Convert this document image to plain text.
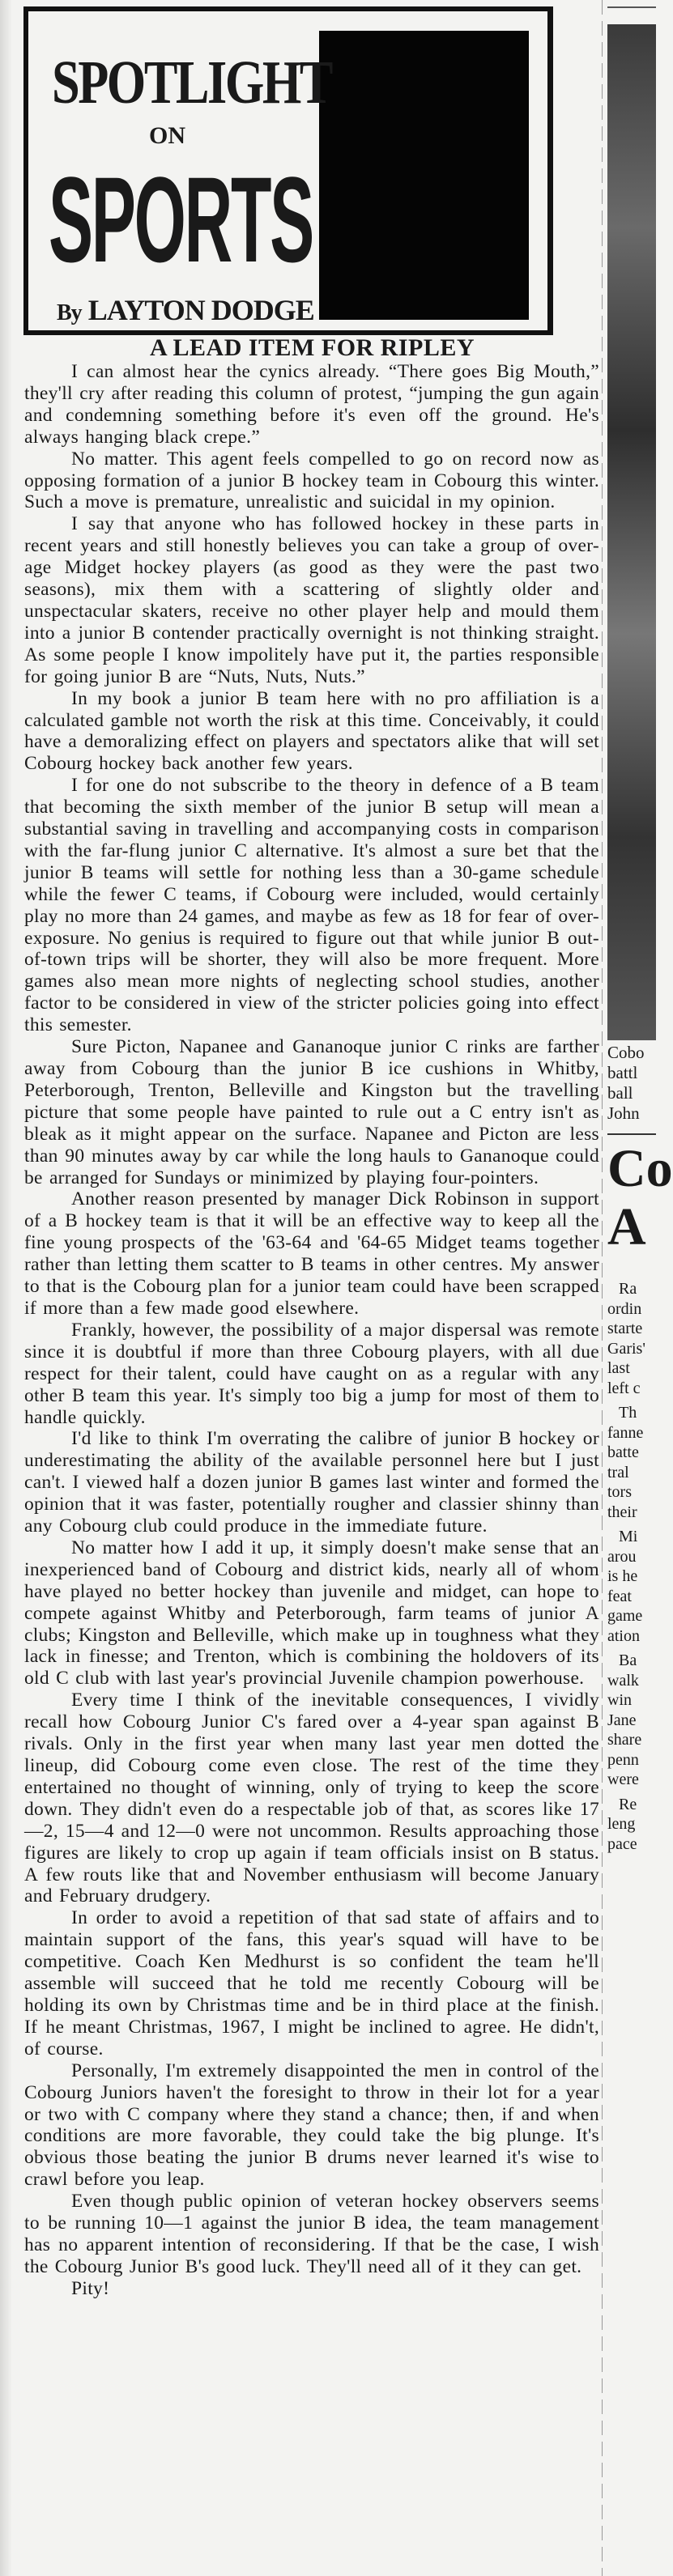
SPOTLIGHT
ON
SPORTS
By LAYTON DODGE
A LEAD ITEM FOR RIPLEY

I can almost hear the cynics already. “There goes Big Mouth,” they'll cry after reading this column of protest, “jumping the gun again and condemning something before it's even off the ground. He's always hanging black crepe.”

No matter. This agent feels compelled to go on record now as opposing formation of a junior B hockey team in Cobourg this winter. Such a move is premature, unrealistic and suicidal in my opinion.

I say that anyone who has followed hockey in these parts in recent years and still honestly believes you can take a group of over-age Midget hockey players (as good as they were the past two seasons), mix them with a scattering of slightly older and unspectacular skaters, receive no other player help and mould them into a junior B contender practically overnight is not thinking straight. As some people I know impolitely have put it, the parties responsible for going junior B are “Nuts, Nuts, Nuts.”

In my book a junior B team here with no pro affiliation is a calculated gamble not worth the risk at this time. Conceivably, it could have a demoralizing effect on players and spectators alike that will set Cobourg hockey back another few years.

I for one do not subscribe to the theory in defence of a B team that becoming the sixth member of the junior B setup will mean a substantial saving in travelling and accompanying costs in comparison with the far-flung junior C alternative. It's almost a sure bet that the junior B teams will settle for nothing less than a 30-game schedule while the fewer C teams, if Cobourg were included, would certainly play no more than 24 games, and maybe as few as 18 for fear of over-exposure. No genius is required to figure out that while junior B out-of-town trips will be shorter, they will also be more frequent. More games also mean more nights of neglecting school studies, another factor to be considered in view of the stricter policies going into effect this semester.

Sure Picton, Napanee and Gananoque junior C rinks are farther away from Cobourg than the junior B ice cushions in Whitby, Peterborough, Trenton, Belleville and Kingston but the travelling picture that some people have painted to rule out a C entry isn't as bleak as it might appear on the surface. Napanee and Picton are less than 90 minutes away by car while the long hauls to Gananoque could be arranged for Sundays or minimized by playing four-pointers.

Another reason presented by manager Dick Robinson in support of a B hockey team is that it will be an effective way to keep all the fine young prospects of the '63-64 and '64-65 Midget teams together rather than letting them scatter to B teams in other centres. My answer to that is the Cobourg plan for a junior team could have been scrapped if more than a few made good elsewhere.

Frankly, however, the possibility of a major dispersal was remote since it is doubtful if more than three Cobourg players, with all due respect for their talent, could have caught on as a regular with any other B team this year. It's simply too big a jump for most of them to handle quickly.

I'd like to think I'm overrating the calibre of junior B hockey or underestimating the ability of the available personnel here but I just can't. I viewed half a dozen junior B games last winter and formed the opinion that it was faster, potentially rougher and classier shinny than any Cobourg club could produce in the immediate future.

No matter how I add it up, it simply doesn't make sense that an inexperienced band of Cobourg and district kids, nearly all of whom have played no better hockey than juvenile and midget, can hope to compete against Whitby and Peterborough, farm teams of junior A clubs; Kingston and Belleville, which make up in toughness what they lack in finesse; and Trenton, which is combining the holdovers of its old C club with last year's provincial Juvenile champion powerhouse.

Every time I think of the inevitable consequences, I vividly recall how Cobourg Junior C's fared over a 4-year span against B rivals. Only in the first year when many last year men dotted the lineup, did Cobourg come even close. The rest of the time they entertained no thought of winning, only of trying to keep the score down. They didn't even do a respectable job of that, as scores like 17—2, 15—4 and 12—0 were not uncommon. Results approaching those figures are likely to crop up again if team officials insist on B status. A few routs like that and November enthusiasm will become January and February drudgery.

In order to avoid a repetition of that sad state of affairs and to maintain support of the fans, this year's squad will have to be competitive. Coach Ken Medhurst is so confident the team he'll assemble will succeed that he told me recently Cobourg will be holding its own by Christmas time and be in third place at the finish. If he meant Christmas, 1967, I might be inclined to agree. He didn't, of course.

Personally, I'm extremely disappointed the men in control of the Cobourg Juniors haven't the foresight to throw in their lot for a year or two with C company where they stand a chance; then, if and when conditions are more favorable, they could take the big plunge. It's obvious those beating the junior B drums never learned it's wise to crawl before you leap.

Even though public opinion of veteran hockey observers seems to be running 10—1 against the junior B idea, the team management has no apparent intention of reconsidering. If that be the case, I wish the Cobourg Junior B's good luck. They'll need all of it they can get.

Pity!

Cobo
battl
ball
John
Co
A
Ra
ordin
starte
Garis'
last
left c
Th
fanne
batte
tral
tors
their
Mi
arou
is he
feat
game
ation
Ba
walk
win
Jane
share
penn
were
Re
leng
pace
